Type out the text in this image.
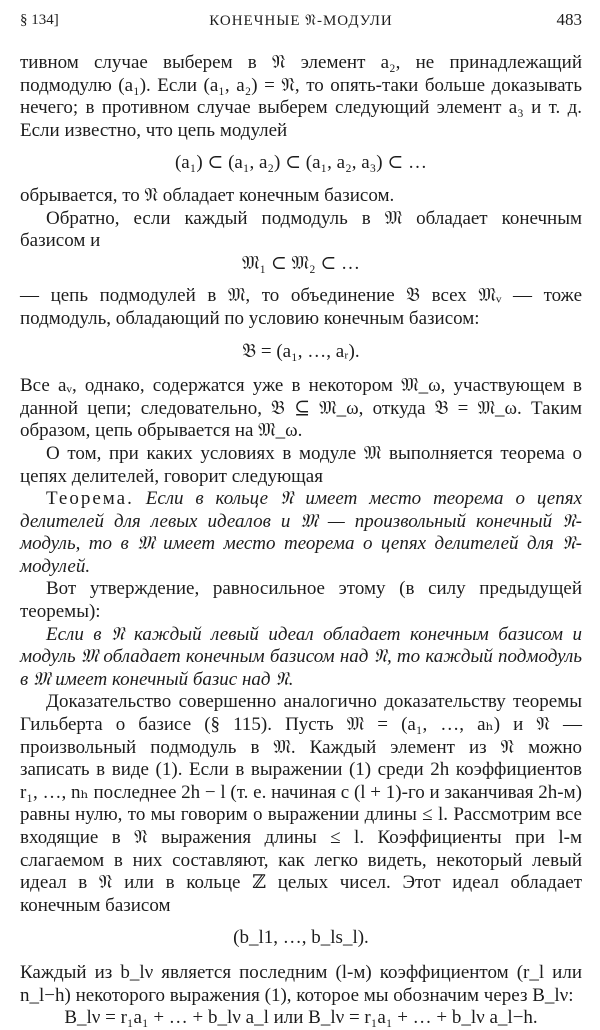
§ 134]	КОНЕЧНЫЕ 𝔑-МОДУЛИ	483

тивном случае выберем в 𝔑 элемент a₂, не принадлежащий подмодулю (a₁). Если (a₁, a₂) = 𝔑, то опять-таки больше доказывать нечего; в противном случае выберем следующий элемент a₃ и т. д. Если известно, что цепь модулей

(a₁) ⊂ (a₁, a₂) ⊂ (a₁, a₂, a₃) ⊂ …

обрывается, то 𝔑 обладает конечным базисом.

Обратно, если каждый подмодуль в 𝔐 обладает конечным базисом и

𝔐₁ ⊂ 𝔐₂ ⊂ …

— цепь подмодулей в 𝔐, то объединение 𝔅 всех 𝔐ᵥ — тоже подмодуль, обладающий по условию конечным базисом:

𝔅 = (a₁, …, aᵣ).

Все aᵥ, однако, содержатся уже в некотором 𝔐_ω, участвующем в данной цепи; следовательно, 𝔅 ⊆ 𝔐_ω, откуда 𝔅 = 𝔐_ω. Таким образом, цепь обрывается на 𝔐_ω.

О том, при каких условиях в модуле 𝔐 выполняется теорема о цепях делителей, говорит следующая

Теорема. Если в кольце 𝔑 имеет место теорема о цепях делителей для левых идеалов и 𝔐 — произвольный конечный 𝔑-модуль, то в 𝔐 имеет место теорема о цепях делителей для 𝔑-модулей.

Вот утверждение, равносильное этому (в силу предыдущей теоремы):

Если в 𝔑 каждый левый идеал обладает конечным базисом и модуль 𝔐 обладает конечным базисом над 𝔑, то каждый подмодуль в 𝔐 имеет конечный базис над 𝔑.

Доказательство совершенно аналогично доказательству теоремы Гильберта о базисе (§ 115). Пусть 𝔐 = (a₁, …, aₕ) и 𝔑 — произвольный подмодуль в 𝔐. Каждый элемент из 𝔑 можно записать в виде (1). Если в выражении (1) среди 2h коэффициентов r₁, …, nₕ последнее 2h − l (т. е. начиная с (l + 1)-го и заканчивая 2h-м) равны нулю, то мы говорим о выражении длины ≤ l. Рассмотрим все входящие в 𝔑 выражения длины ≤ l. Коэффициенты при l-м слагаемом в них составляют, как легко видеть, некоторый левый идеал в 𝔑 или в кольце ℤ целых чисел. Этот идеал обладает конечным базисом

(b_l1, …, b_ls_l).

Каждый из b_lν является последним (l-м) коэффициентом (r_l или n_l−h) некоторого выражения (1), которое мы обозначим через B_lν:

B_lν = r₁a₁ + … + b_lν a_l или B_lν = r₁a₁ + … + b_lν a_l−h.
